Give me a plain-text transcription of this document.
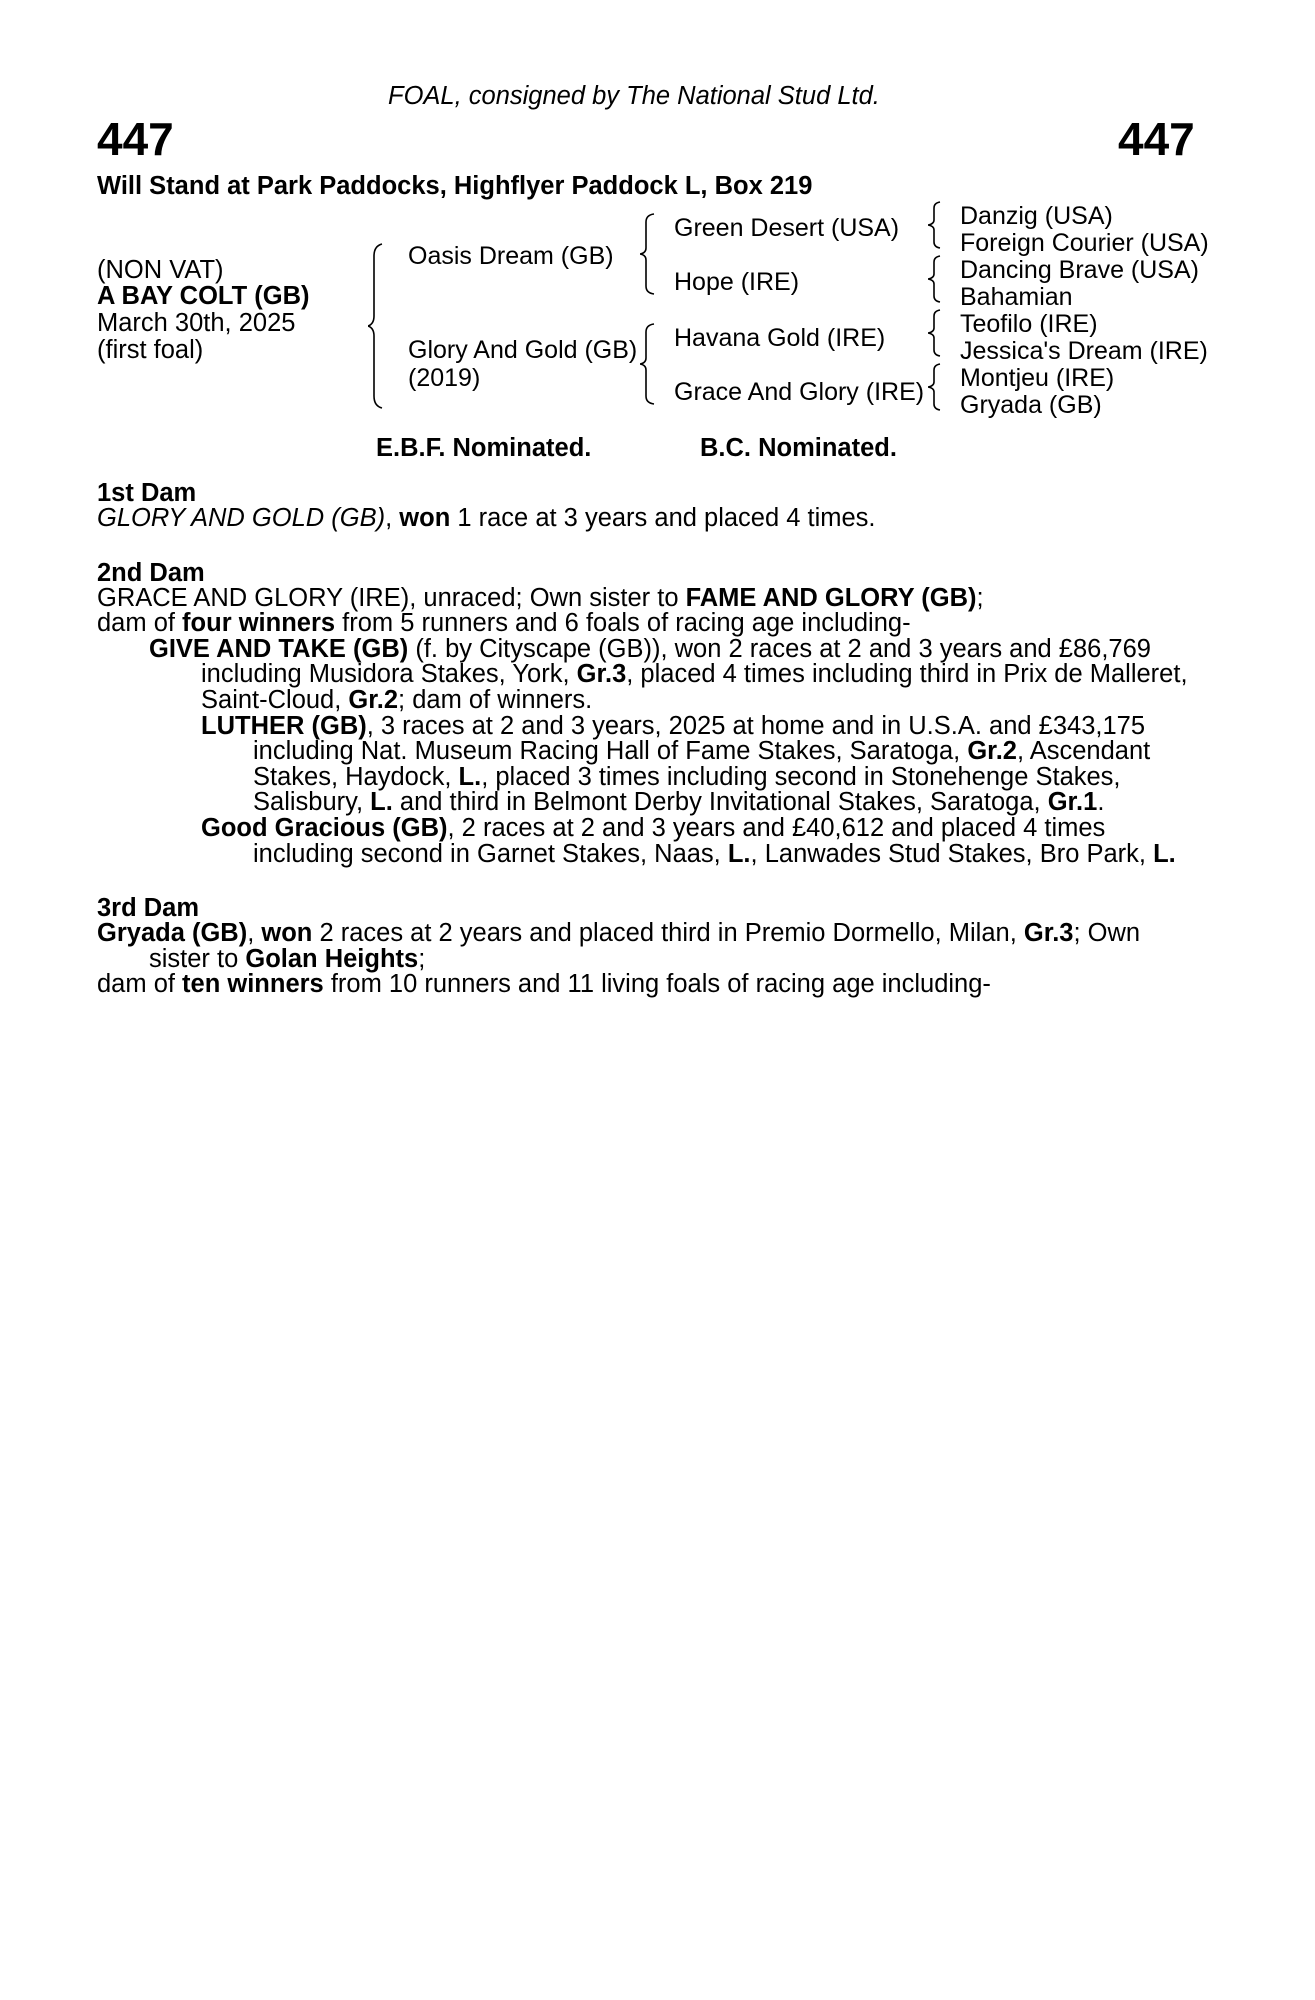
FOAL, consigned by The National Stud Ltd.
447	447
Will Stand at Park Paddocks, Highflyer Paddock L, Box 219
(NON VAT)
A BAY COLT (GB)
March 30th, 2025
(first foal)
Oasis Dream (GB)
Glory And Gold (GB)
(2019)
Green Desert (USA)
Hope (IRE)
Havana Gold (IRE)
Grace And Glory (IRE)
Danzig (USA)
Foreign Courier (USA)
Dancing Brave (USA)
Bahamian
Teofilo (IRE)
Jessica's Dream (IRE)
Montjeu (IRE)
Gryada (GB)
E.B.F. Nominated.	B.C. Nominated.
1st Dam
GLORY AND GOLD (GB), won 1 race at 3 years and placed 4 times.
2nd Dam
GRACE AND GLORY (IRE), unraced; Own sister to FAME AND GLORY (GB);
dam of four winners from 5 runners and 6 foals of racing age including-
GIVE AND TAKE (GB) (f. by Cityscape (GB)), won 2 races at 2 and 3 years and £86,769
including Musidora Stakes, York, Gr.3, placed 4 times including third in Prix de Malleret,
Saint-Cloud, Gr.2; dam of winners.
LUTHER (GB), 3 races at 2 and 3 years, 2025 at home and in U.S.A. and £343,175
including Nat. Museum Racing Hall of Fame Stakes, Saratoga, Gr.2, Ascendant
Stakes, Haydock, L., placed 3 times including second in Stonehenge Stakes,
Salisbury, L. and third in Belmont Derby Invitational Stakes, Saratoga, Gr.1.
Good Gracious (GB), 2 races at 2 and 3 years and £40,612 and placed 4 times
including second in Garnet Stakes, Naas, L., Lanwades Stud Stakes, Bro Park, L.
3rd Dam
Gryada (GB), won 2 races at 2 years and placed third in Premio Dormello, Milan, Gr.3; Own
sister to Golan Heights;
dam of ten winners from 10 runners and 11 living foals of racing age including-
